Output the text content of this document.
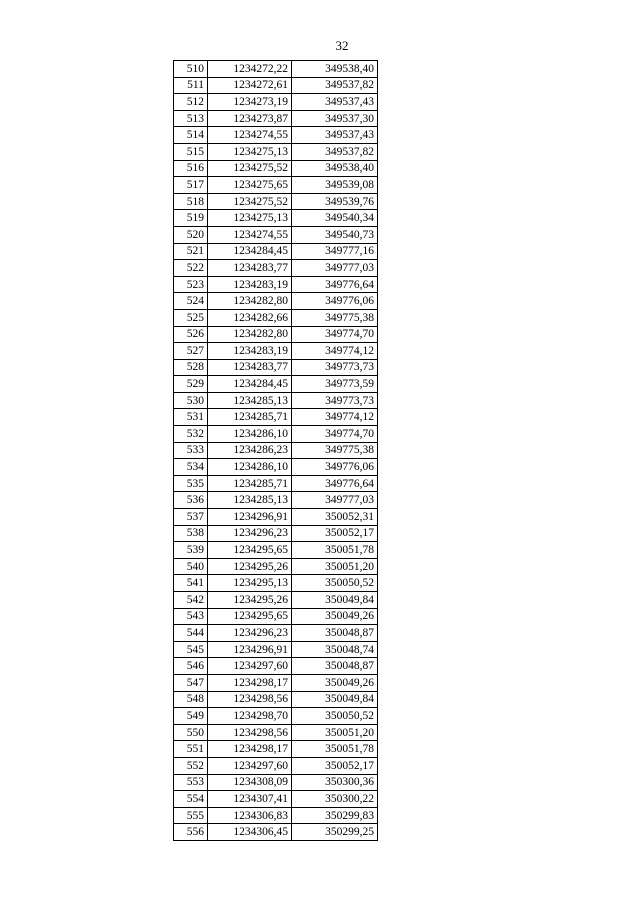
32
510	1234272,22	349538,40
511	1234272,61	349537,82
512	1234273,19	349537,43
513	1234273,87	349537,30
514	1234274,55	349537,43
515	1234275,13	349537,82
516	1234275,52	349538,40
517	1234275,65	349539,08
518	1234275,52	349539,76
519	1234275,13	349540,34
520	1234274,55	349540,73
521	1234284,45	349777,16
522	1234283,77	349777,03
523	1234283,19	349776,64
524	1234282,80	349776,06
525	1234282,66	349775,38
526	1234282,80	349774,70
527	1234283,19	349774,12
528	1234283,77	349773,73
529	1234284,45	349773,59
530	1234285,13	349773,73
531	1234285,71	349774,12
532	1234286,10	349774,70
533	1234286,23	349775,38
534	1234286,10	349776,06
535	1234285,71	349776,64
536	1234285,13	349777,03
537	1234296,91	350052,31
538	1234296,23	350052,17
539	1234295,65	350051,78
540	1234295,26	350051,20
541	1234295,13	350050,52
542	1234295,26	350049,84
543	1234295,65	350049,26
544	1234296,23	350048,87
545	1234296,91	350048,74
546	1234297,60	350048,87
547	1234298,17	350049,26
548	1234298,56	350049,84
549	1234298,70	350050,52
550	1234298,56	350051,20
551	1234298,17	350051,78
552	1234297,60	350052,17
553	1234308,09	350300,36
554	1234307,41	350300,22
555	1234306,83	350299,83
556	1234306,45	350299,25
